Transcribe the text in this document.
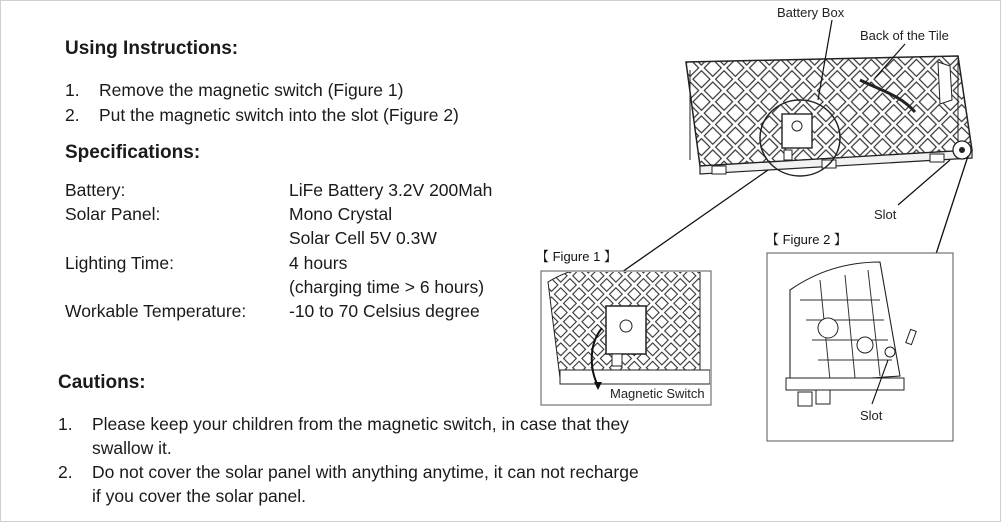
Using Instructions:
1. Remove the magnetic switch (Figure 1)
2. Put the magnetic switch into the slot (Figure 2)
Specifications:
Battery:	LiFe Battery 3.2V 200Mah
Solar Panel:	Mono Crystal
Solar Cell 5V 0.3W
Lighting Time:	4 hours
(charging time > 6 hours)
Workable Temperature: -10 to 70 Celsius degree
Cautions:
1. Please keep your children from the magnetic switch, in case that they
swallow it.
2. Do not cover the solar panel with anything anytime, it can not recharge
if you cover the solar panel.
Battery Box
Back of the Tile
Slot
【 Figure 1 】
【 Figure 2 】
Magnetic Switch
Slot
